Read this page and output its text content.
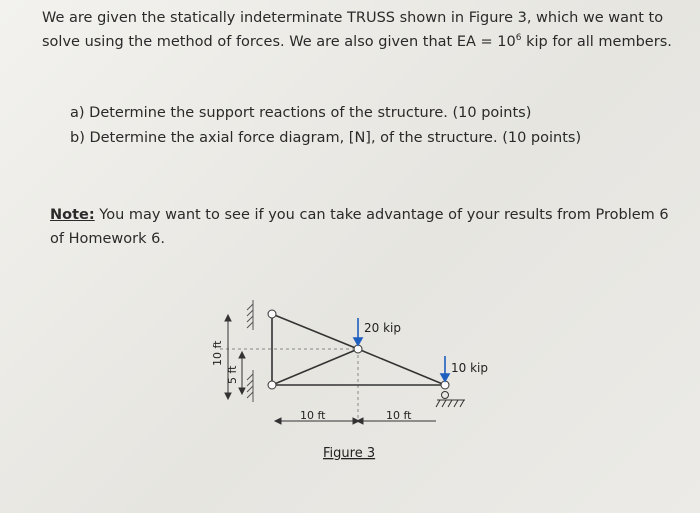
We are given the statically indeterminate TRUSS shown in Figure 3, which we want to solve using the method of forces. We are also given that EA = $10^6$ kip for all members.
a) Determine the support reactions of the structure. (10 points)
b) Determine the axial force diagram, [N], of the structure. (10 points)
Note: You may want to see if you can take advantage of your results from Problem 6 of Homework 6.
20 kip
10 kip
10 ft
5 ft
10 ft	10 ft
Figure 3
